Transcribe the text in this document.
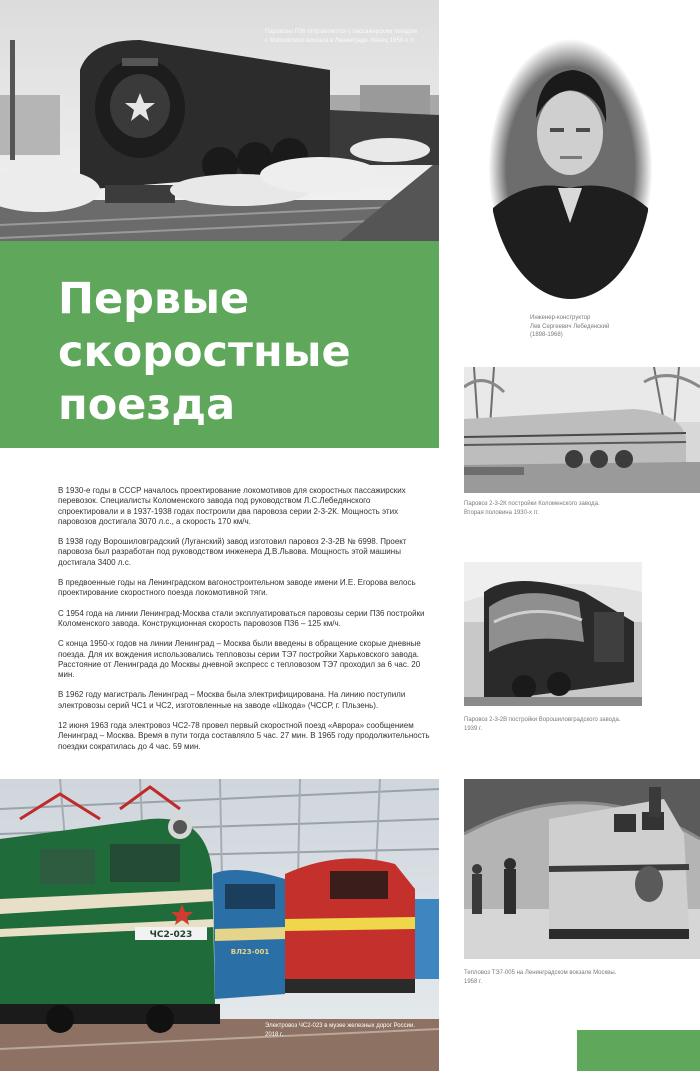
Паровозы П36 отправляются с пассажирским поездом
с Московского вокзала в Ленинграде. Конец 1950-х гг.
Инженер-конструктор
Лев Сергеевич Лебедянский
(1898-1968)
Первые
скоростные
поезда
Паровоз 2-3-2К постройки Коломенского завода.
Вторая половина 1930-х гг.
Паровоз 2-3-2В постройки Ворошиловградского завода.
1939 г.
Тепловоз ТЭ7-005 на Ленинградском вокзале Москвы.
1958 г.

В 1930-е годы в СССР началось проектирование локомотивов для скоростных пассажирских перевозок. Специалисты Коломенского завода под руководством Л.С.Лебедянского спроектировали и в 1937-1938 годах построили два паровоза серии 2-3-2К. Мощность этих паровозов достигала 3070 л.с., а скорость 170 км/ч.

В 1938 году Ворошиловградский (Луганский) завод изготовил паровоз 2-3-2В № 6998. Проект паровоза был разработан под руководством инженера Д.В.Львова. Мощность этой машины достигала 3400 л.с.

В предвоенные годы на Ленинградском вагоностроительном заводе имени И.Е. Егорова велось проектирование скоростного поезда локомотивной тяги.

С 1954 года на линии Ленинград-Москва стали эксплуатироваться паровозы серии П36 постройки Коломенского завода. Конструкционная скорость паровозов П36 – 125 км/ч.

С конца 1950-х годов на линии Ленинград – Москва были введены в обращение скорые дневные поезда. Для их вождения использовались тепловозы серии ТЭ7 постройки Харьковского завода. Расстояние от Ленинграда до Москвы дневной экспресс с тепловозом ТЭ7 проходил за 6 час. 20 мин.

В 1962 году магистраль Ленинград – Москва была электрифицирована. На линию поступили электровозы серий ЧС1 и ЧС2, изготовленные на заводе «Шкода» (ЧССР, г. Пльзень).

12 июня 1963 года электровоз ЧС2-78 провел первый скоростной поезд «Аврора» сообщением Ленинград – Москва. Время в пути тогда составляло 5 час. 27 мин. В 1965 году продолжительность поездки сократилась до 4 час. 59 мин.

ЧС2-023
ВЛ23-001
Электровоз ЧС2-023 в музее железных дорог России.
2018 г.
